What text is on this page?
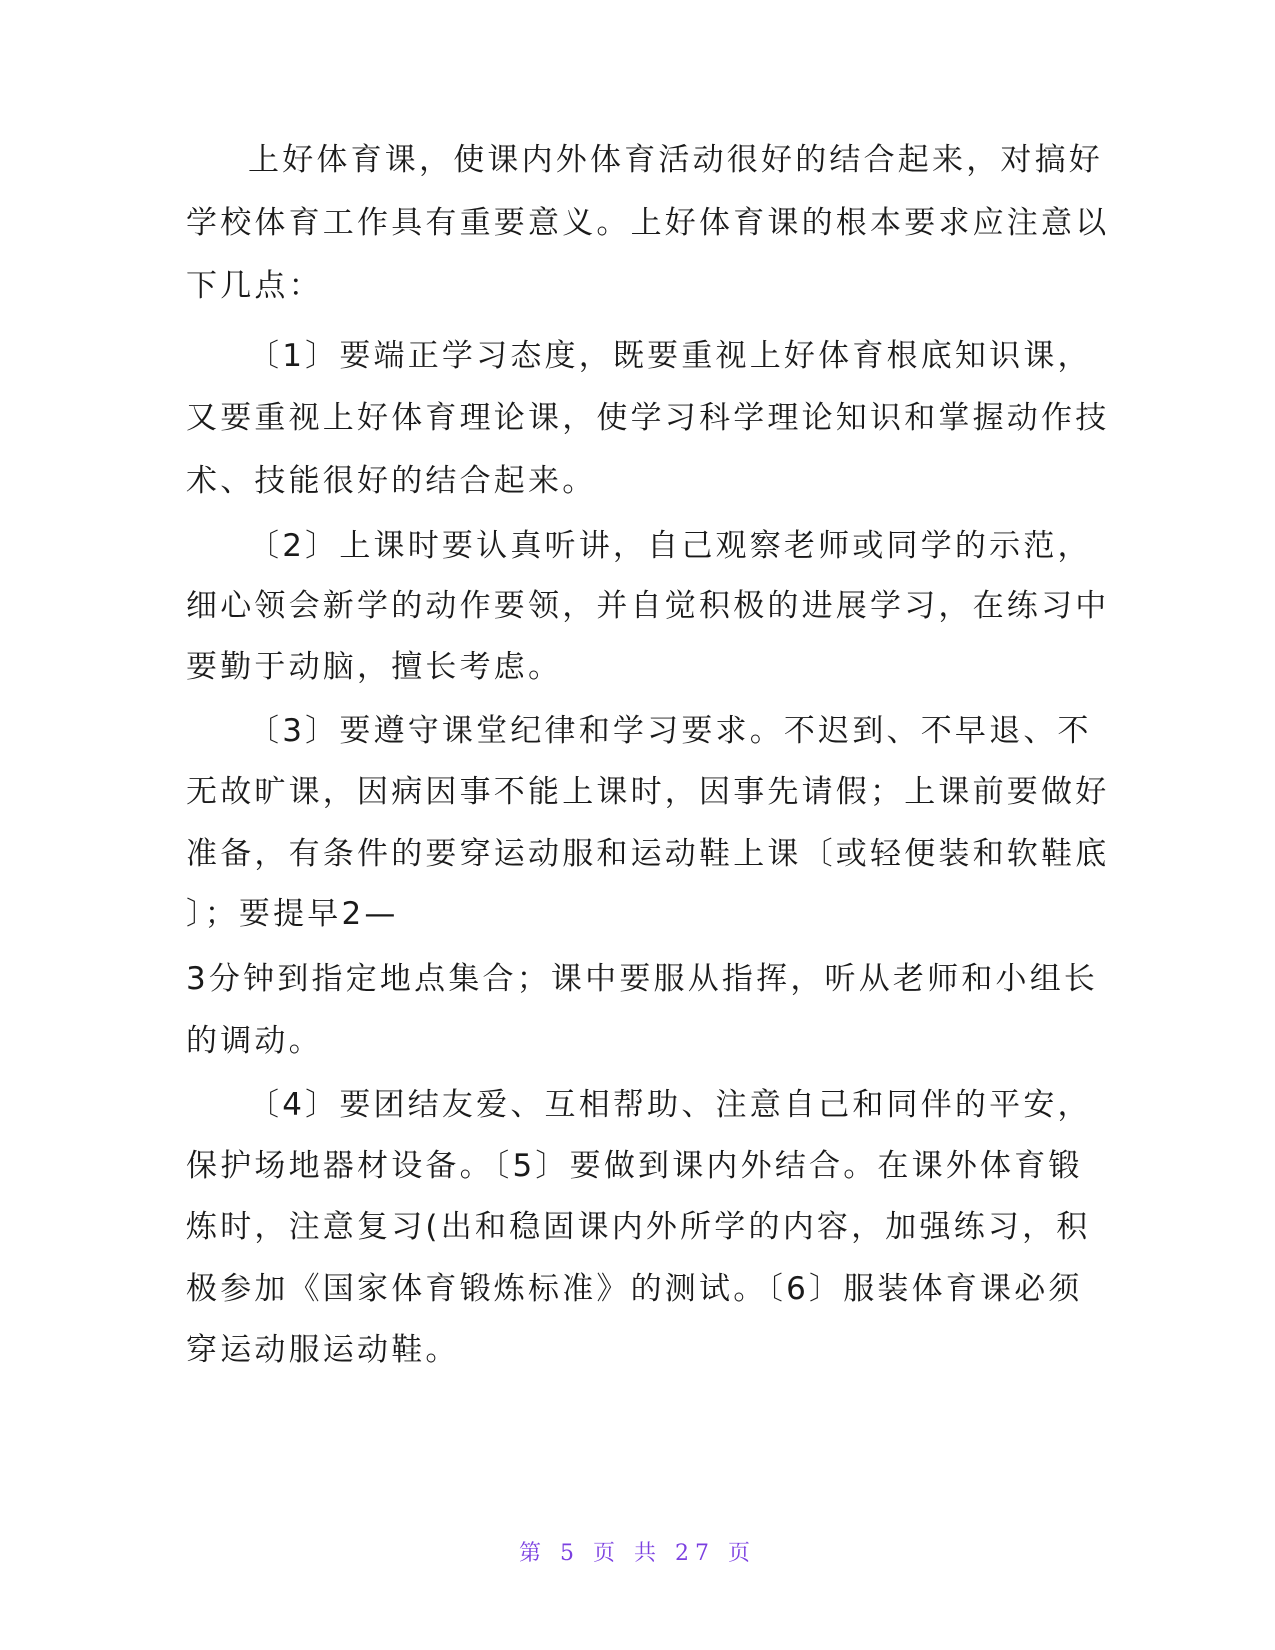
上好体育课，使课内外体育活动很好的结合起来，对搞好
学校体育工作具有重要意义。上好体育课的根本要求应注意以
下几点：
〔1〕要端正学习态度，既要重视上好体育根底知识课，
又要重视上好体育理论课，使学习科学理论知识和掌握动作技
术、技能很好的结合起来。
〔2〕上课时要认真听讲，自己观察老师或同学的示范，
细心领会新学的动作要领，并自觉积极的进展学习，在练习中
要勤于动脑，擅长考虑。
〔3〕要遵守课堂纪律和学习要求。不迟到、不早退、不
无故旷课，因病因事不能上课时，因事先请假；上课前要做好
准备，有条件的要穿运动服和运动鞋上课〔或轻便装和软鞋底
〕；要提早2—
3分钟到指定地点集合；课中要服从指挥，听从老师和小组长
的调动。
〔4〕要团结友爱、互相帮助、注意自己和同伴的平安，
保护场地器材设备。〔5〕要做到课内外结合。在课外体育锻
炼时，注意复习(出和稳固课内外所学的内容，加强练习，积
极参加《国家体育锻炼标准》的测试。〔6〕服装体育课必须
穿运动服运动鞋。
第 5 页 共 27 页
